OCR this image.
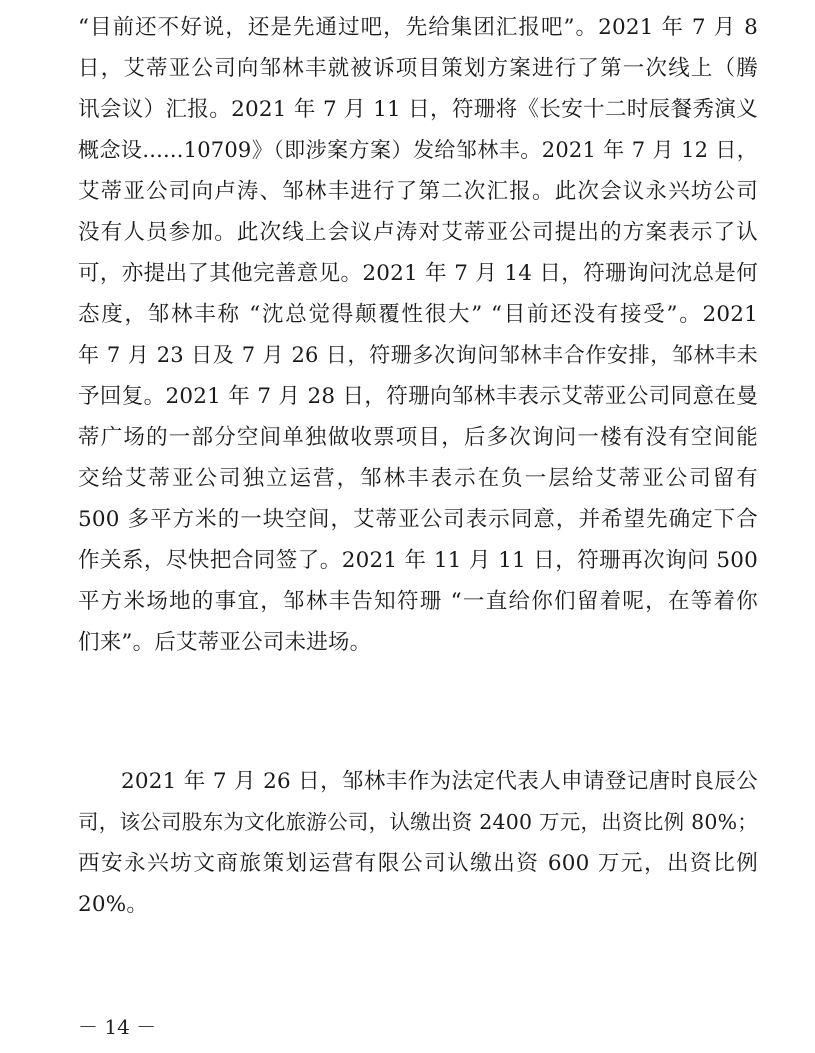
“目前还不好说，还是先通过吧，先给集团汇报吧”。2021 年 7 月 8
日，艾蒂亚公司向邹林丰就被诉项目策划方案进行了第一次线上（腾
讯会议）汇报。2021 年 7 月 11 日，符珊将《长安十二时辰餐秀演义
概念设......10709》（即涉案方案）发给邹林丰。2021 年 7 月 12 日，
艾蒂亚公司向卢涛、邹林丰进行了第二次汇报。此次会议永兴坊公司
没有人员参加。此次线上会议卢涛对艾蒂亚公司提出的方案表示了认
可，亦提出了其他完善意见。2021 年 7 月 14 日，符珊询问沈总是何
态度，邹林丰称 “沈总觉得颠覆性很大” “目前还没有接受”。2021
年 7 月 23 日及 7 月 26 日，符珊多次询问邹林丰合作安排，邹林丰未
予回复。2021 年 7 月 28 日，符珊向邹林丰表示艾蒂亚公司同意在曼
蒂广场的一部分空间单独做收票项目，后多次询问一楼有没有空间能
交给艾蒂亚公司独立运营，邹林丰表示在负一层给艾蒂亚公司留有
500 多平方米的一块空间，艾蒂亚公司表示同意，并希望先确定下合
作关系，尽快把合同签了。2021 年 11 月 11 日，符珊再次询问 500
平方米场地的事宜，邹林丰告知符珊 “一直给你们留着呢，在等着你
们来”。后艾蒂亚公司未进场。
2021 年 7 月 26 日，邹林丰作为法定代表人申请登记唐时良辰公
司，该公司股东为文化旅游公司，认缴出资 2400 万元，出资比例 80%；
西安永兴坊文商旅策划运营有限公司认缴出资 600 万元，出资比例
20%。
－ 14 －
